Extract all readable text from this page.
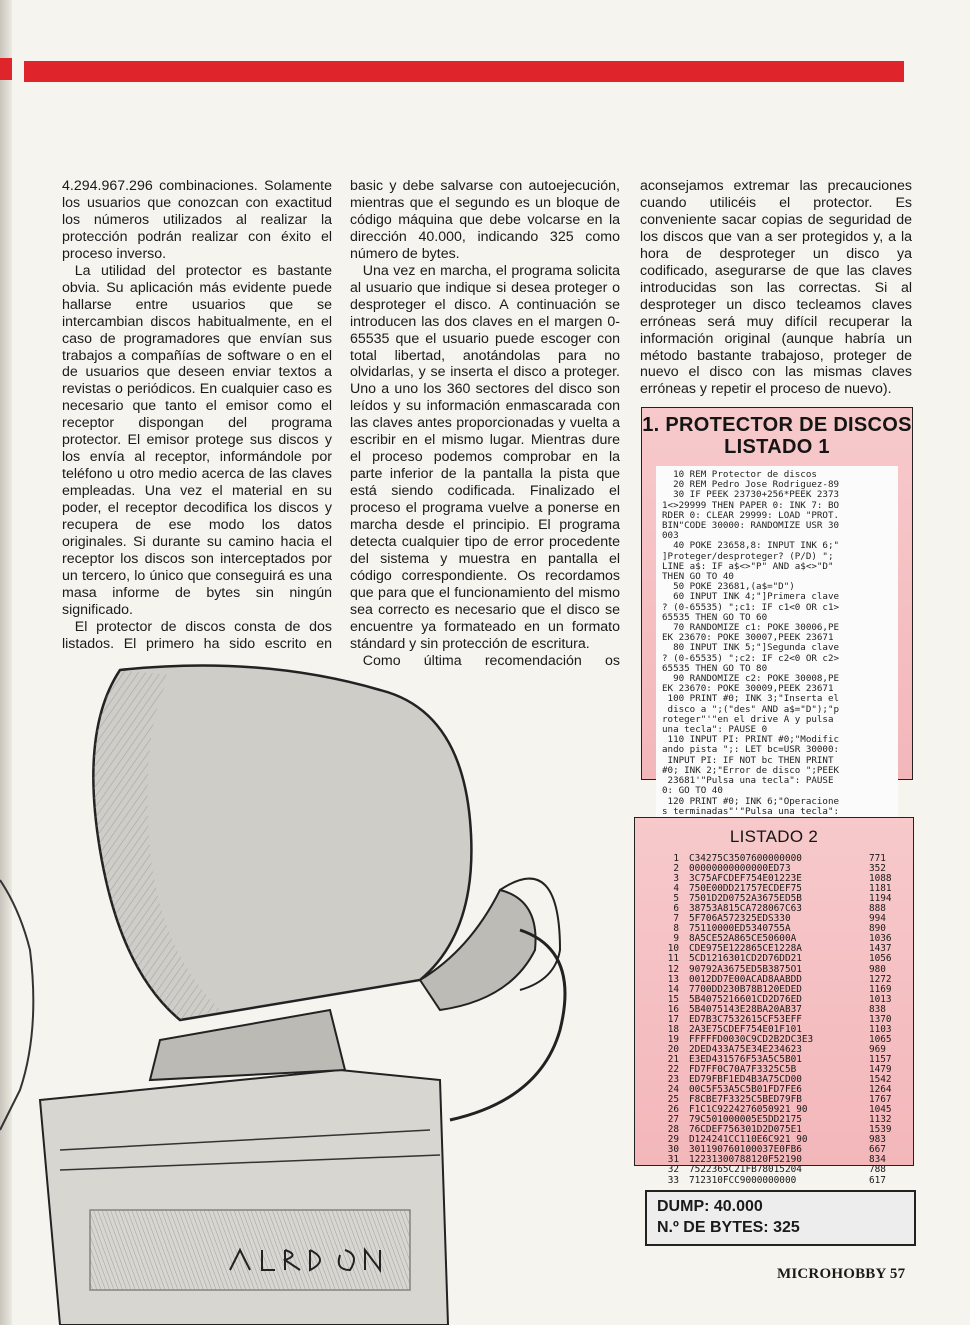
4.294.967.296 combinaciones. Solamente los usuarios que conozcan con exactitud los números utilizados al realizar la protección podrán realizar con éxito el proceso inverso.

La utilidad del protector es bastante obvia. Su aplicación más evidente puede hallarse entre usuarios que se intercambian discos habitualmente, en el caso de programadores que envían sus trabajos a compañías de software o en el de usuarios que deseen enviar textos a revistas o periódicos. En cualquier caso es necesario que tanto el emisor como el receptor dispongan del programa protector. El emisor protege sus discos y los envía al receptor, informándole por teléfono u otro medio acerca de las claves empleadas. Una vez el material en su poder, el receptor decodifica los discos y recupera de ese modo los datos originales. Si durante su camino hacia el receptor los discos son interceptados por un tercero, lo único que conseguirá es una masa informe de bytes sin ningún significado.

El protector de discos consta de dos listados. El primero ha sido escrito en

basic y debe salvarse con autoejecución, mientras que el segundo es un bloque de código máquina que debe volcarse en la dirección 40.000, indicando 325 como número de bytes.

Una vez en marcha, el programa solicita al usuario que indique si desea proteger o desproteger el disco. A continuación se introducen las dos claves en el margen 0-65535 que el usuario puede escoger con total libertad, anotándolas para no olvidarlas, y se inserta el disco a proteger. Uno a uno los 360 sectores del disco son leídos y su información enmascarada con las claves antes proporcionadas y vuelta a escribir en el mismo lugar. Mientras dure el proceso podemos comprobar en la parte inferior de la pantalla la pista que está siendo codificada. Finalizado el proceso el programa vuelve a ponerse en marcha desde el principio. El programa detecta cualquier tipo de error procedente del sistema y muestra en pantalla el código correspondiente. Os recordamos que para que el funcionamiento del mismo sea correcto es necesario que el disco se encuentre ya formateado en un formato stándard y sin protección de escritura.

Como última recomendación os

aconsejamos extremar las precauciones cuando utilicéis el protector. Es conveniente sacar copias de seguridad de los discos que van a ser protegidos y, a la hora de desproteger un disco ya codificado, asegurarse de que las claves introducidas son las correctas. Si al desproteger un disco tecleamos claves erróneas será muy difícil recuperar la información original (aunque habría un método bastante trabajoso, proteger de nuevo el disco con las mismas claves erróneas y repetir el proceso de nuevo).

1. PROTECTOR DE DISCOS
LISTADO 1
10 REM Protector de discos
20 REM Pedro Jose Rodriguez-89
30 IF PEEK 23730+256*PEEK 2373
1<>29999 THEN PAPER 0: INK 7: BO
RDER 0: CLEAR 29999: LOAD "PROT.
BIN"CODE 30000: RANDOMIZE USR 30
003
40 POKE 23658,8: INPUT INK 6;"
]Proteger/desproteger? (P/D) ";
LINE a$: IF a$<>"P" AND a$<>"D"
THEN GO TO 40
50 POKE 23681,(a$="D")
60 INPUT INK 4;"]Primera clave
? (0-65535) ";c1: IF c1<0 OR c1>
65535 THEN GO TO 60
70 RANDOMIZE c1: POKE 30006,PE
EK 23670: POKE 30007,PEEK 23671
80 INPUT INK 5;"]Segunda clave
? (0-65535) ";c2: IF c2<0 OR c2>
65535 THEN GO TO 80
90 RANDOMIZE c2: POKE 30008,PE
EK 23670: POKE 30009,PEEK 23671
100 PRINT #0; INK 3;"Inserta el
disco a ";("des" AND a$="D");"p
roteger"'"en el drive A y pulsa
una tecla": PAUSE 0
110 INPUT PI: PRINT #0;"Modific
ando pista ";: LET bc=USR 30000:
INPUT PI: IF NOT bc THEN PRINT
#0; INK 2;"Error de disco ";PEEK
23681'"Pulsa una tecla": PAUSE
0: GO TO 40
120 PRINT #0; INK 6;"Operacione
s terminadas"'"Pulsa una tecla":

LISTADO 2
1 C34275C3507600000000	771
2 00000000000000ED73	352
3 3C75AFCDEF754E01223E	1088
4 750E00DD21757ECDEF75	1181
5 7501D2D0752A3675ED5B	1194
6 38753A815CA728067C63	888
7 5F706A572325EDS330	994
8 75110000ED5340755A	890
9 8A5CE52A865CE50600A	1036
10 CDE975E122865CE1228A	1437
11 5CD1216301CD2D76DD21	1056
12 90792A3675ED5B3875O1	980
13 0012DD7E00ACAD8AABDD	1272
14 7700DD230B78B120EDED	1169
15 5B4075216601CD2D76ED	1013
16 5B4075143E28BA20AB37	838
17 ED7B3C7532615CF53EFF	1370
18 2A3E75CDEF754E01F101	1103
19 FFFFFD0030C9CD2B2DC3E3	1065
20 2DED433A75E34E234623	969
21 E3ED431576F53A5C5B01	1157
22 FD7FF0C70A7F3325C5B	1479
23 ED79FBF1ED4B3A75CD00	1542
24 00C5F53A5C5B01FD7FE6	1264
25 F8CBE7F3325C5BED79FB	1767
26 F1C1C9224276050921 90	1045
27 79C501000005E5DD2175	1132
28 76CDEF756301D2D075E1	1539
29 D124241CC110E6C921 90	983
30 301190760100037E0FB6	667
31 12231300788120F52190	834
32 7522365C21FB78015204	788
33 712310FCC9000000000	617
DUMP: 40.000
N.º DE BYTES: 325
MICROHOBBY 57
TARDÓN
